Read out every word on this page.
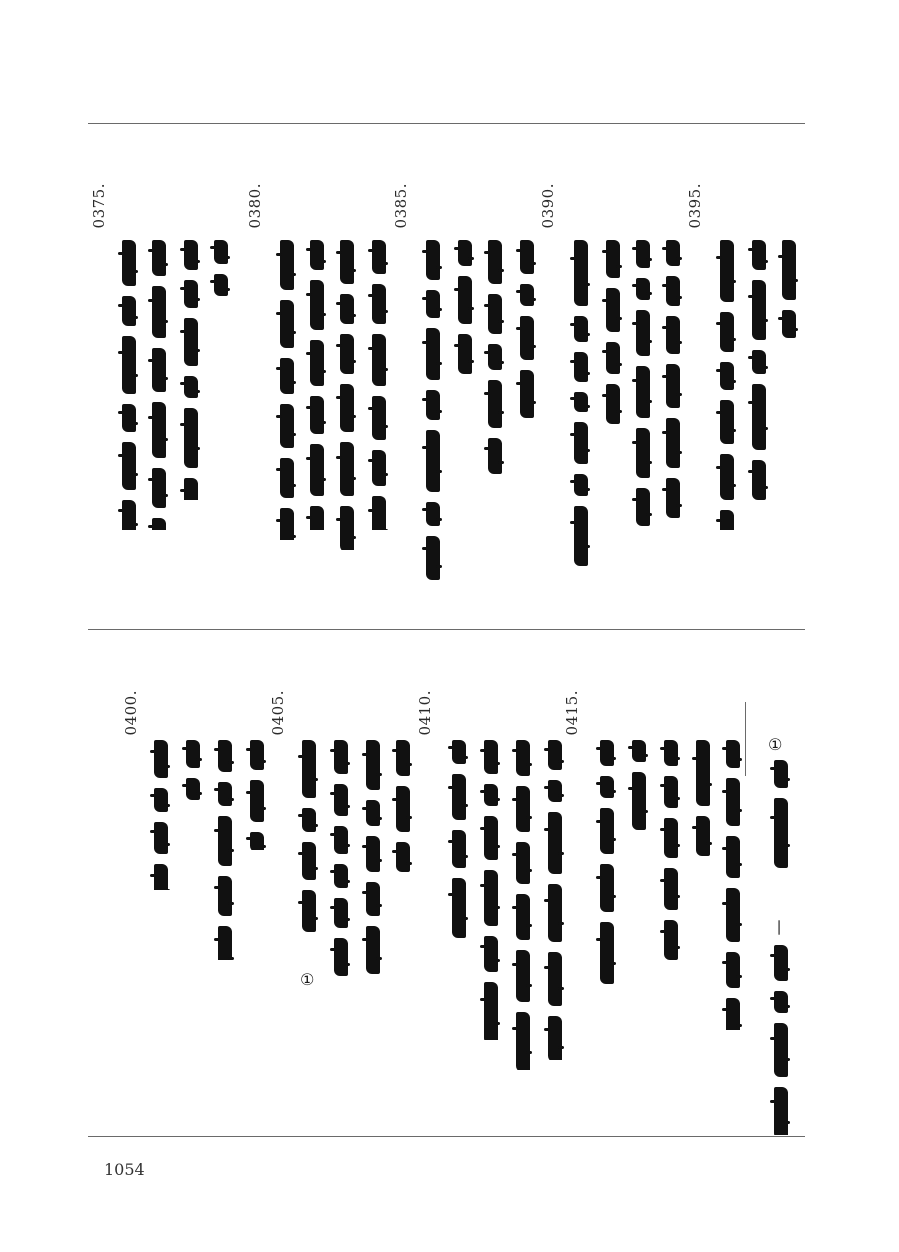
0375.	0380.	0385.	0390.	0395.
0400.	0405.	0410.	0415.
①
—
①
1054
